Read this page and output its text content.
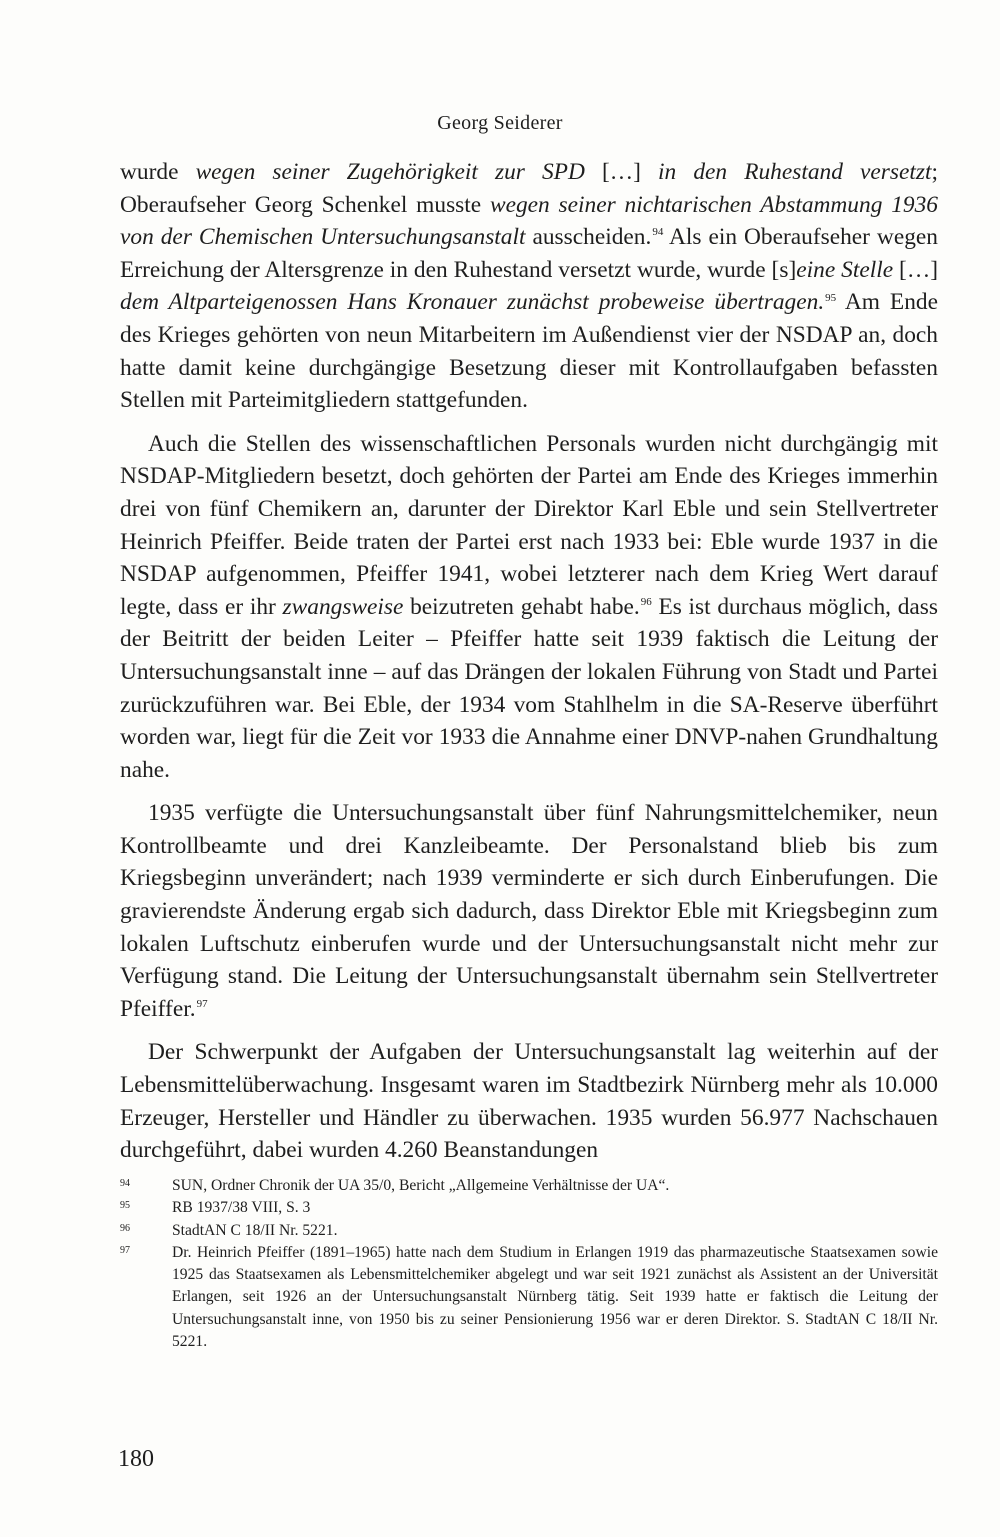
Georg Seiderer

wurde wegen seiner Zugehörigkeit zur SPD […] in den Ruhestand versetzt; Oberaufseher Georg Schenkel musste wegen seiner nichtarischen Abstammung 1936 von der Chemischen Untersuchungsanstalt ausscheiden.$^{94}$ Als ein Oberaufseher wegen Erreichung der Altersgrenze in den Ruhestand versetzt wurde, wurde [s]eine Stelle […] dem Altparteigenossen Hans Kronauer zunächst probeweise übertragen.$^{95}$ Am Ende des Krieges gehörten von neun Mitarbeitern im Außendienst vier der NSDAP an, doch hatte damit keine durchgängige Besetzung dieser mit Kontrollaufgaben befassten Stellen mit Parteimitgliedern stattgefunden.

Auch die Stellen des wissenschaftlichen Personals wurden nicht durchgängig mit NSDAP-Mitgliedern besetzt, doch gehörten der Partei am Ende des Krieges immerhin drei von fünf Chemikern an, darunter der Direktor Karl Eble und sein Stellvertreter Heinrich Pfeiffer. Beide traten der Partei erst nach 1933 bei: Eble wurde 1937 in die NSDAP aufgenommen, Pfeiffer 1941, wobei letzterer nach dem Krieg Wert darauf legte, dass er ihr zwangsweise beizutreten gehabt habe.$^{96}$ Es ist durchaus möglich, dass der Beitritt der beiden Leiter – Pfeiffer hatte seit 1939 faktisch die Leitung der Untersuchungsanstalt inne – auf das Drängen der lokalen Führung von Stadt und Partei zurückzuführen war. Bei Eble, der 1934 vom Stahlhelm in die SA-Reserve überführt worden war, liegt für die Zeit vor 1933 die Annahme einer DNVP-nahen Grundhaltung nahe.

1935 verfügte die Untersuchungsanstalt über fünf Nahrungsmittelchemiker, neun Kontrollbeamte und drei Kanzleibeamte. Der Personalstand blieb bis zum Kriegsbeginn unverändert; nach 1939 verminderte er sich durch Einberufungen. Die gravierendste Änderung ergab sich dadurch, dass Direktor Eble mit Kriegsbeginn zum lokalen Luftschutz einberufen wurde und der Untersuchungsanstalt nicht mehr zur Verfügung stand. Die Leitung der Untersuchungsanstalt übernahm sein Stellvertreter Pfeiffer.$^{97}$

Der Schwerpunkt der Aufgaben der Untersuchungsanstalt lag weiterhin auf der Lebensmittelüberwachung. Insgesamt waren im Stadtbezirk Nürnberg mehr als 10.000 Erzeuger, Hersteller und Händler zu überwachen. 1935 wurden 56.977 Nachschauen durchgeführt, dabei wurden 4.260 Beanstandungen

94	SUN, Ordner Chronik der UA 35/0, Bericht „Allgemeine Verhältnisse der UA“.
95	RB 1937/38 VIII, S. 3
96	StadtAN C 18/II Nr. 5221.
97	Dr. Heinrich Pfeiffer (1891–1965) hatte nach dem Studium in Erlangen 1919 das pharmazeutische Staatsexamen sowie 1925 das Staatsexamen als Lebensmittelchemiker abgelegt und war seit 1921 zunächst als Assistent an der Universität Erlangen, seit 1926 an der Untersuchungsanstalt Nürnberg tätig. Seit 1939 hatte er faktisch die Leitung der Untersuchungsanstalt inne, von 1950 bis zu seiner Pensionierung 1956 war er deren Direktor. S. StadtAN C 18/II Nr. 5221.
180
